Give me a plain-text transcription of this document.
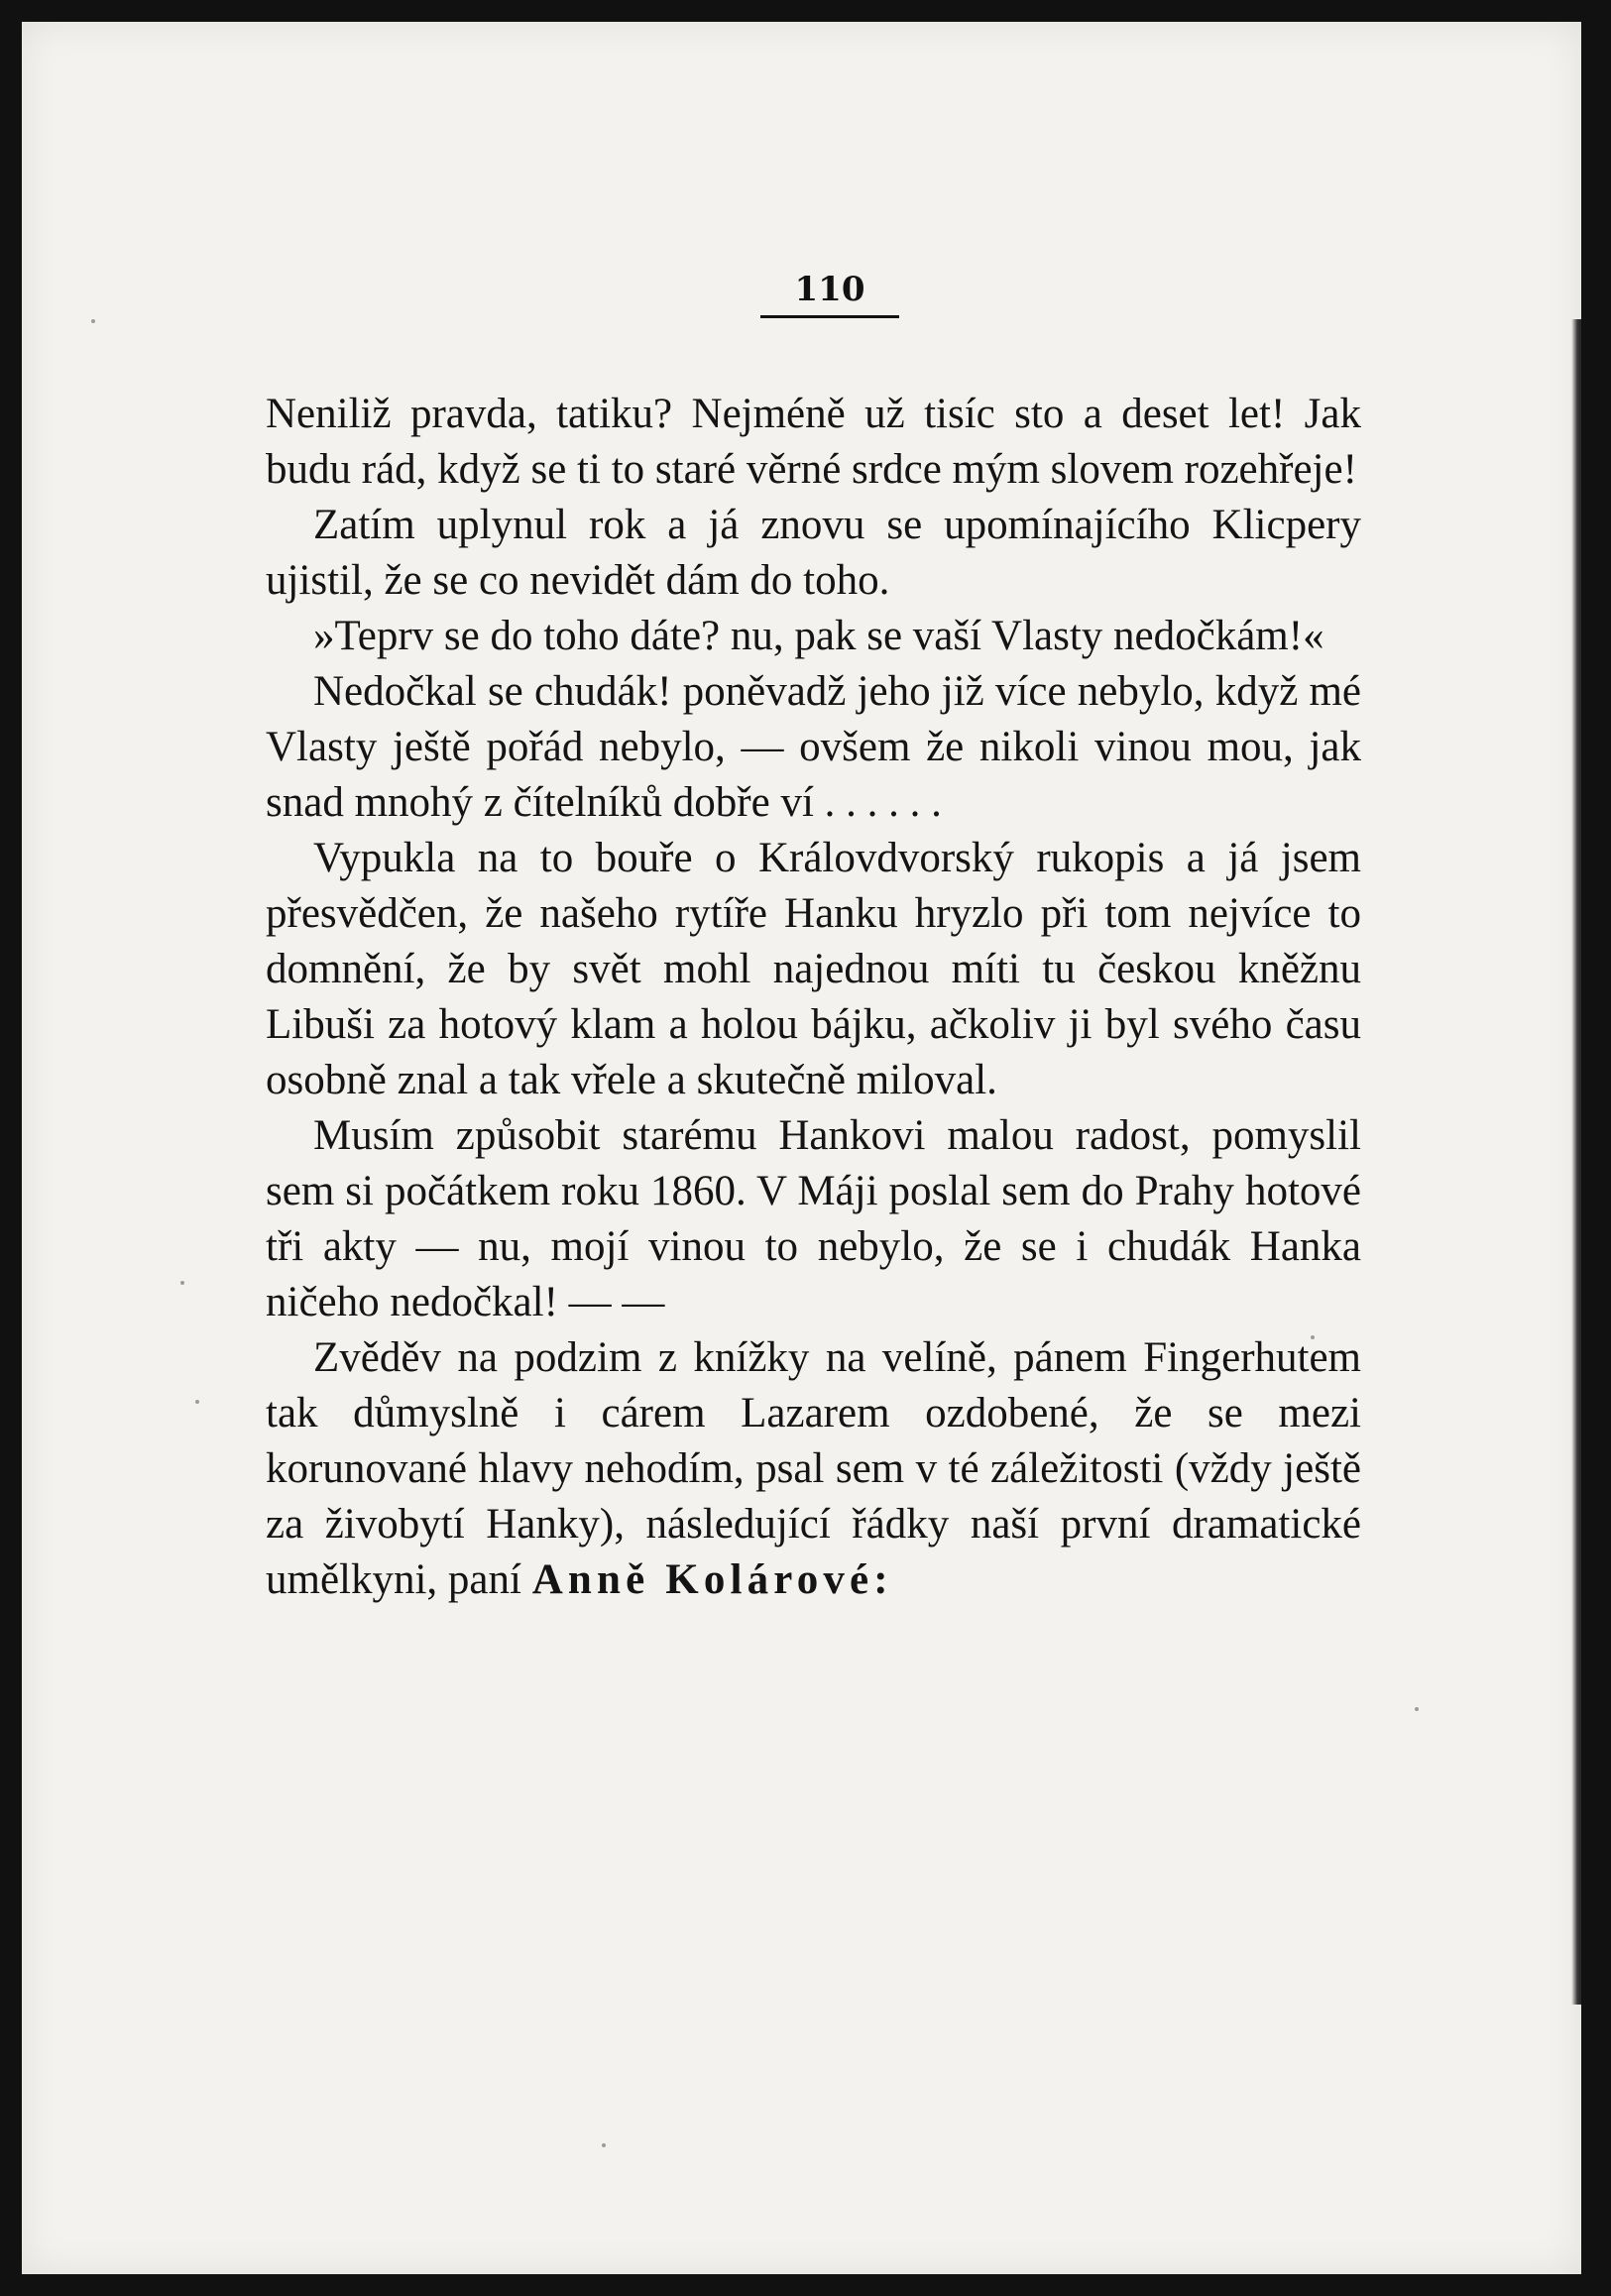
110

Neniliž pravda, tatiku? Nejméně už tisíc sto a deset let! Jak budu rád, když se ti to staré věrné srdce mým slovem rozehřeje!

Zatím uplynul rok a já znovu se upomínajícího Klicpery ujistil, že se co nevidět dám do toho.

»Teprv se do toho dáte? nu, pak se vaší Vlasty nedočkám!«

Nedočkal se chudák! poněvadž jeho již více nebylo, když mé Vlasty ještě pořád nebylo, — ovšem že nikoli vinou mou, jak snad mnohý z čítelníků dobře ví . . . . . .

Vypukla na to bouře o Královdvorský rukopis a já jsem přesvědčen, že našeho rytíře Hanku hryzlo při tom nejvíce to domnění, že by svět mohl najednou míti tu českou kněžnu Libuši za hotový klam a holou bájku, ačkoliv ji byl svého času osobně znal a tak vřele a skutečně miloval.

Musím způsobit starému Hankovi malou radost, pomyslil sem si počátkem roku 1860. V Máji poslal sem do Prahy hotové tři akty — nu, mojí vinou to nebylo, že se i chudák Hanka ničeho nedočkal! — —

Zvěděv na podzim z knížky na velíně, pánem Fingerhutem tak důmyslně i cárem Lazarem ozdobené, že se mezi korunované hlavy nehodím, psal sem v té záležitosti (vždy ještě za živobytí Hanky), následující řádky naší první dramatické umělkyni, paní Anně Kolárové:
